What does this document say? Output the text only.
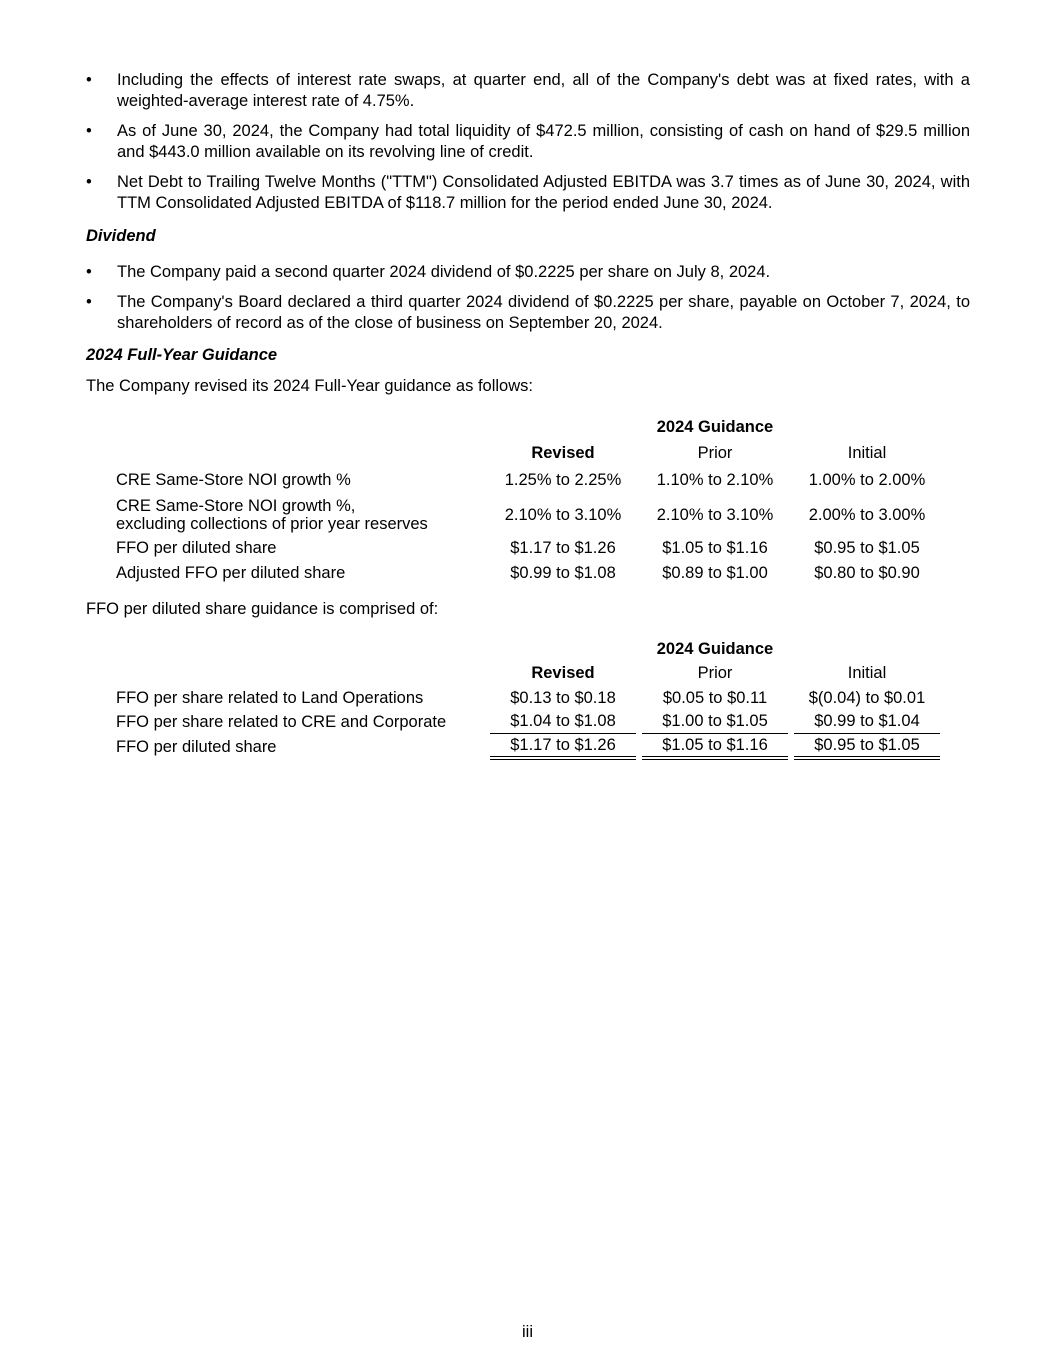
•	Including the effects of interest rate swaps, at quarter end, all of the Company's debt was at fixed rates, with a weighted-average interest rate of 4.75%.
•	As of June 30, 2024, the Company had total liquidity of $472.5 million, consisting of cash on hand of $29.5 million and $443.0 million available on its revolving line of credit.
•	Net Debt to Trailing Twelve Months ("TTM") Consolidated Adjusted EBITDA was 3.7 times as of June 30, 2024, with TTM Consolidated Adjusted EBITDA of $118.7 million for the period ended June 30, 2024.
Dividend
•	The Company paid a second quarter 2024 dividend of $0.2225 per share on July 8, 2024.
•	The Company's Board declared a third quarter 2024 dividend of $0.2225 per share, payable on October 7, 2024, to shareholders of record as of the close of business on September 20, 2024.
2024 Full-Year Guidance
The Company revised its 2024 Full-Year guidance as follows:
	2024 Guidance				
	Revised		Prior		Initial
CRE Same-Store NOI growth %	1.25% to 2.25%		1.10% to 2.10%		1.00% to 2.00%

CRE Same-Store NOI growth %,
excluding collections of prior year reserves	2.10% to 3.10%		2.10% to 3.10%		2.00% to 3.00%
FFO per diluted share	$1.17 to $1.26		$1.05 to $1.16		$0.95 to $1.05
Adjusted FFO per diluted share	$0.99 to $1.08		$0.89 to $1.00		$0.80 to $0.90
FFO per diluted share guidance is comprised of:
	2024 Guidance				
	Revised		Prior		Initial
FFO per share related to Land Operations	$0.13 to $0.18		$0.05 to $0.11		$(0.04) to $0.01
FFO per share related to CRE and Corporate	$1.04 to $1.08		$1.00 to $1.05		$0.99 to $1.04
FFO per diluted share	$1.17 to $1.26		$1.05 to $1.16		$0.95 to $1.05
iii
